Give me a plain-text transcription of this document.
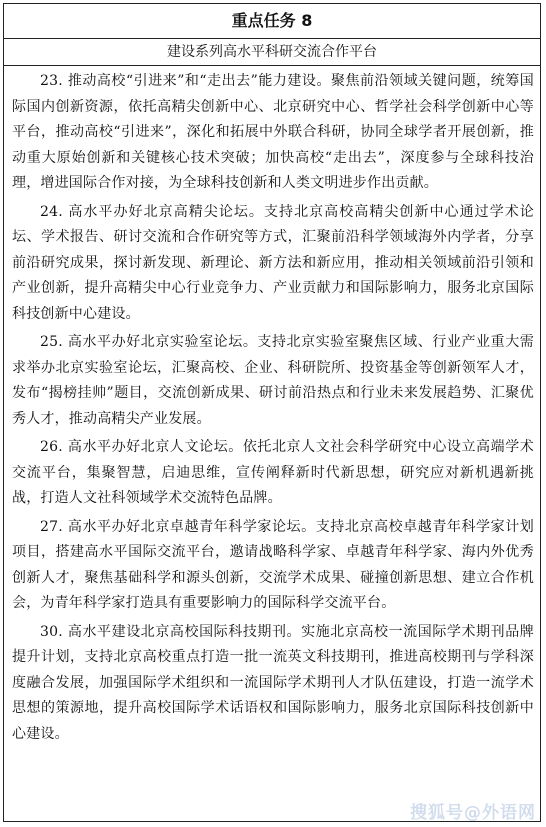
重点任务 8
建设系列高水平科研交流合作平台

23. 推动高校“引进来”和“走出去”能力建设。聚焦前沿领域关键问题，统筹国际国内创新资源，依托高精尖创新中心、北京研究中心、哲学社会科学创新中心等平台，推动高校“引进来”，深化和拓展中外联合科研，协同全球学者开展创新，推动重大原始创新和关键核心技术突破；加快高校“走出去”，深度参与全球科技治理，增进国际合作对接，为全球科技创新和人类文明进步作出贡献。

24. 高水平办好北京高精尖论坛。支持北京高校高精尖创新中心通过学术论坛、学术报告、研讨交流和合作研究等方式，汇聚前沿科学领域海外内学者，分享前沿研究成果，探讨新发现、新理论、新方法和新应用，推动相关领域前沿引领和产业创新，提升高精尖中心行业竞争力、产业贡献力和国际影响力，服务北京国际科技创新中心建设。

25. 高水平办好北京实验室论坛。支持北京实验室聚焦区域、行业产业重大需求举办北京实验室论坛，汇聚高校、企业、科研院所、投资基金等创新领军人才，发布“揭榜挂帅”题目，交流创新成果、研讨前沿热点和行业未来发展趋势、汇聚优秀人才，推动高精尖产业发展。

26. 高水平办好北京人文论坛。依托北京人文社会科学研究中心设立高端学术交流平台，集聚智慧，启迪思维，宣传阐释新时代新思想，研究应对新机遇新挑战，打造人文社科领域学术交流特色品牌。

27. 高水平办好北京卓越青年科学家论坛。支持北京高校卓越青年科学家计划项目，搭建高水平国际交流平台，邀请战略科学家、卓越青年科学家、海内外优秀创新人才，聚焦基础科学和源头创新，交流学术成果、碰撞创新思想、建立合作机会，为青年科学家打造具有重要影响力的国际科学交流平台。

30. 高水平建设北京高校国际科技期刊。实施北京高校一流国际学术期刊品牌提升计划，支持北京高校重点打造一批一流英文科技期刊，推进高校期刊与学科深度融合发展，加强国际学术组织和一流国际学术期刊人才队伍建设，打造一流学术思想的策源地，提升高校国际学术话语权和国际影响力，服务北京国际科技创新中心建设。

搜狐号@外语网
